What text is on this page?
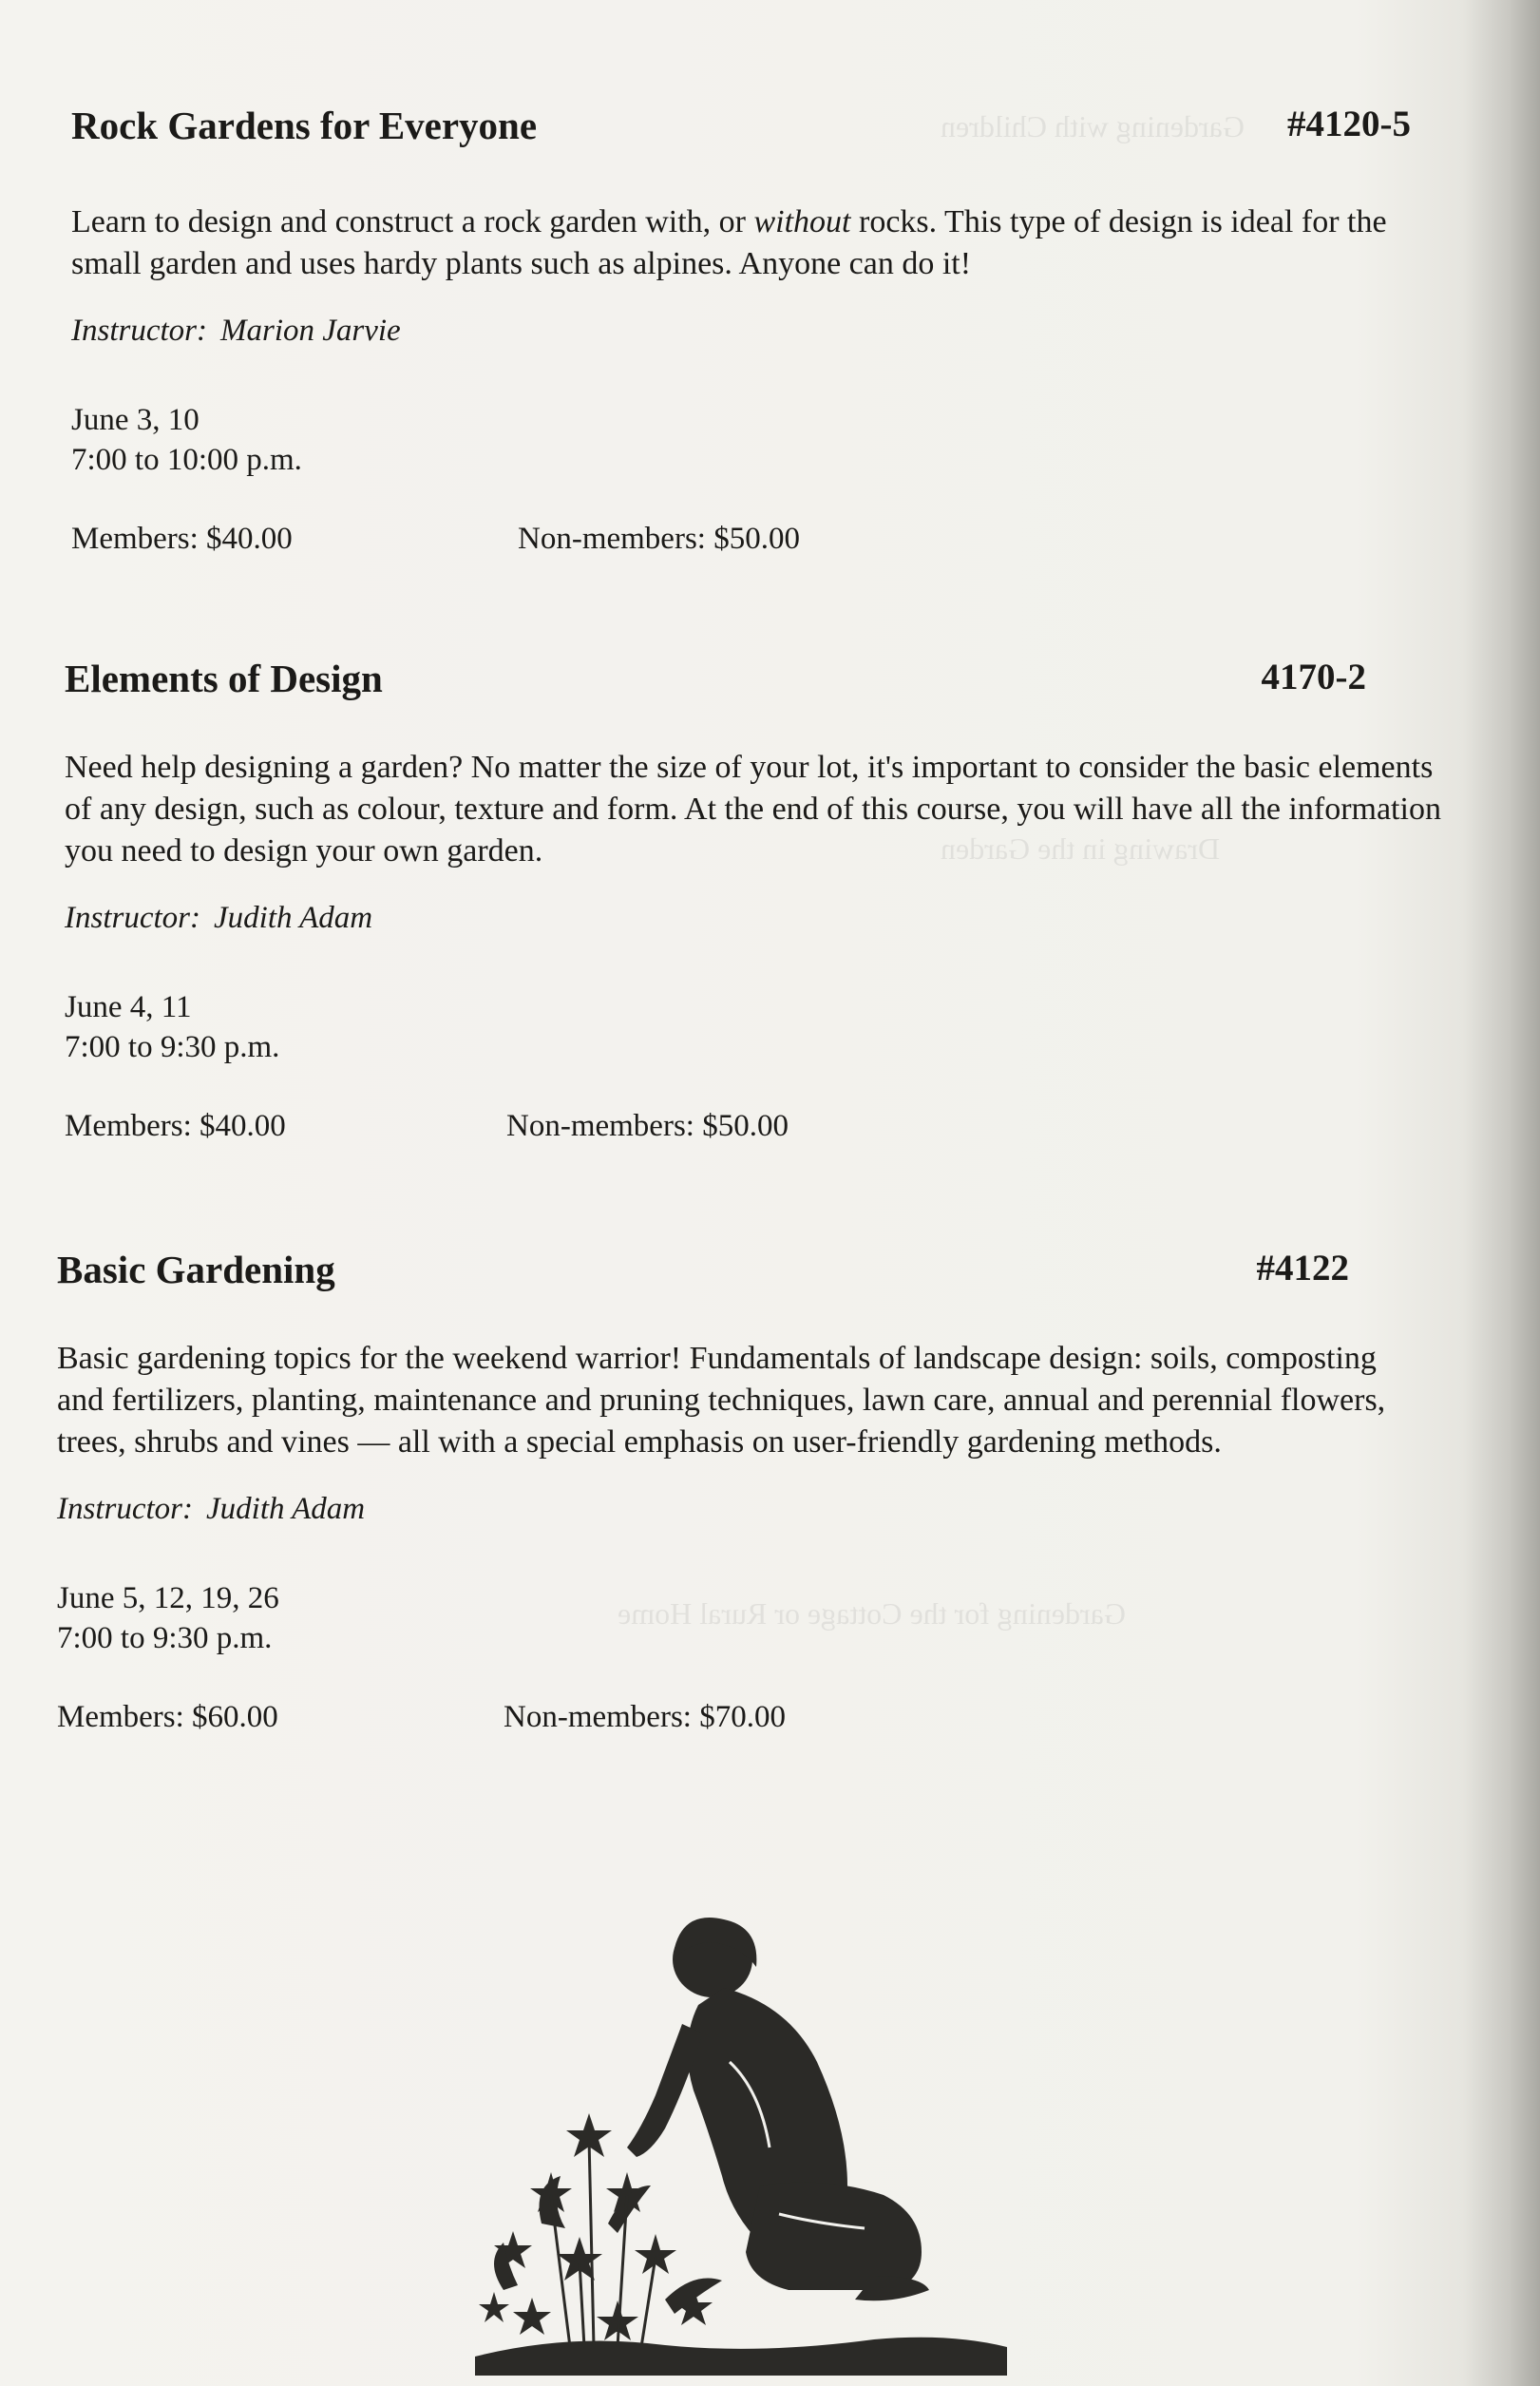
Gardening with Children
Drawing in the Garden
Gardening for the Cottage or Rural Home
Rock Gardens for Everyone	#4120-5

Learn to design and construct a rock garden with, or without rocks. This type of design is ideal for the small garden and uses hardy plants such as alpines. Anyone can do it!

Instructor: Marion Jarvie
June 3, 10
7:00 to 10:00 p.m.
Members: $40.00	Non-members: $50.00
Elements of Design	4170-2

Need help designing a garden? No matter the size of your lot, it's important to consider the basic elements of any design, such as colour, texture and form. At the end of this course, you will have all the information you need to design your own garden.

Instructor: Judith Adam
June 4, 11
7:00 to 9:30 p.m.
Members: $40.00	Non-members: $50.00
Basic Gardening	#4122

Basic gardening topics for the weekend warrior! Fundamentals of landscape design: soils, composting and fertilizers, planting, maintenance and pruning techniques, lawn care, annual and perennial flowers, trees, shrubs and vines — all with a special emphasis on user-friendly gardening methods.

Instructor: Judith Adam
June 5, 12, 19, 26
7:00 to 9:30 p.m.
Members: $60.00	Non-members: $70.00
